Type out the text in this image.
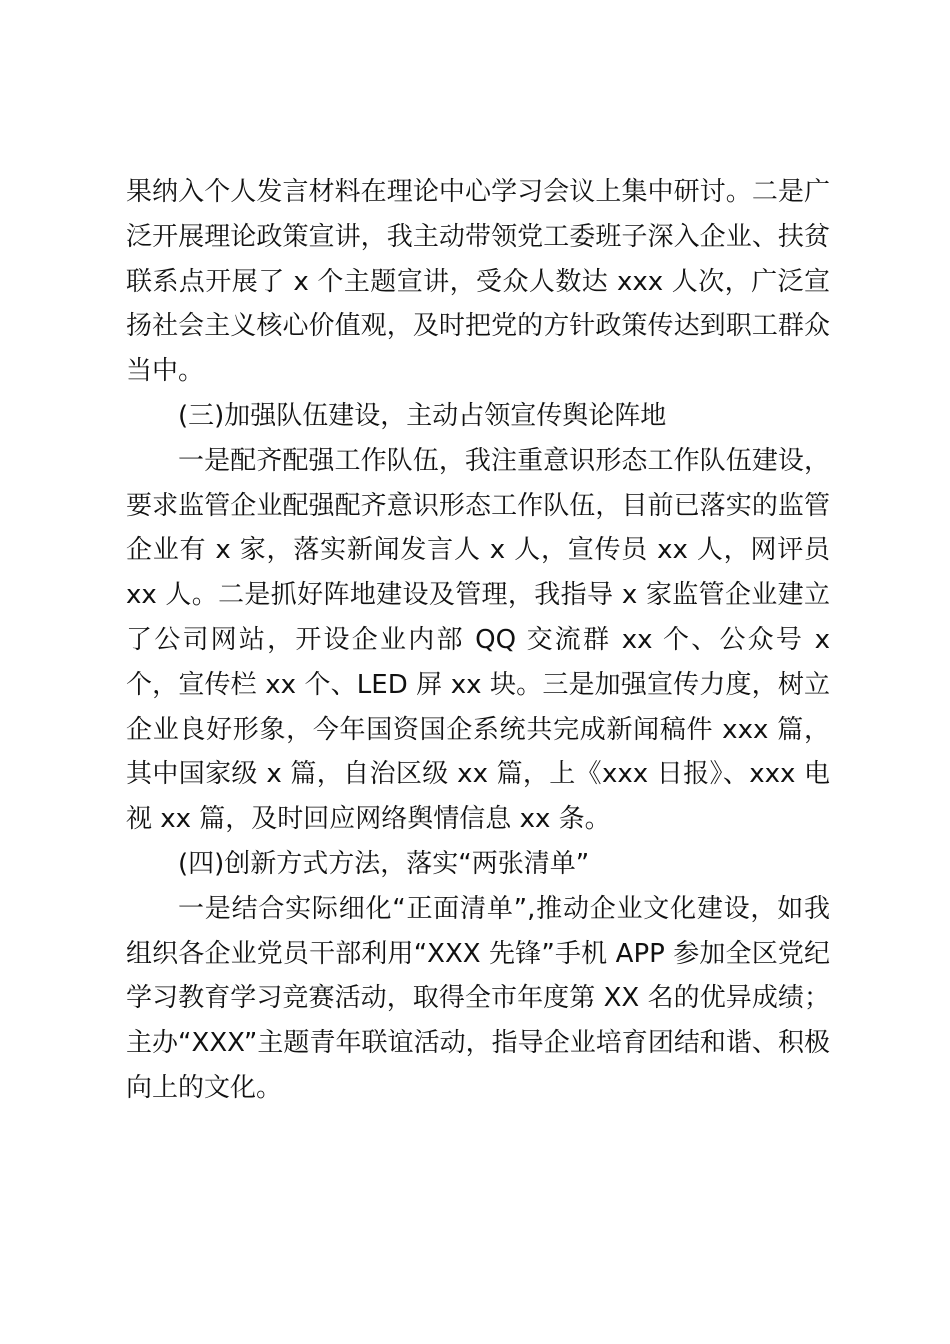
果纳入个人发言材料在理论中心学习会议上集中研讨。二是广泛开展理论政策宣讲，我主动带领党工委班子深入企业、扶贫联系点开展了 x 个主题宣讲，受众人数达 xxx 人次，广泛宣扬社会主义核心价值观，及时把党的方针政策传达到职工群众当中。

(三)加强队伍建设，主动占领宣传舆论阵地

一是配齐配强工作队伍，我注重意识形态工作队伍建设，要求监管企业配强配齐意识形态工作队伍，目前已落实的监管企业有 x 家，落实新闻发言人 x 人，宣传员 xx 人，网评员 xx 人。二是抓好阵地建设及管理，我指导 x 家监管企业建立了公司网站，开设企业内部 QQ 交流群 xx 个、公众号 x 个，宣传栏 xx 个、LED 屏 xx 块。三是加强宣传力度，树立企业良好形象，今年国资国企系统共完成新闻稿件 xxx 篇，其中国家级 x 篇，自治区级 xx 篇，上《xxx 日报》、xxx 电视 xx 篇，及时回应网络舆情信息 xx 条。

(四)创新方式方法，落实“两张清单”

一是结合实际细化“正面清单”,推动企业文化建设，如我组织各企业党员干部利用“XXX 先锋”手机 APP 参加全区党纪学习教育学习竞赛活动，取得全市年度第 XX 名的优异成绩；主办“XXX”主题青年联谊活动，指导企业培育团结和谐、积极向上的文化。
